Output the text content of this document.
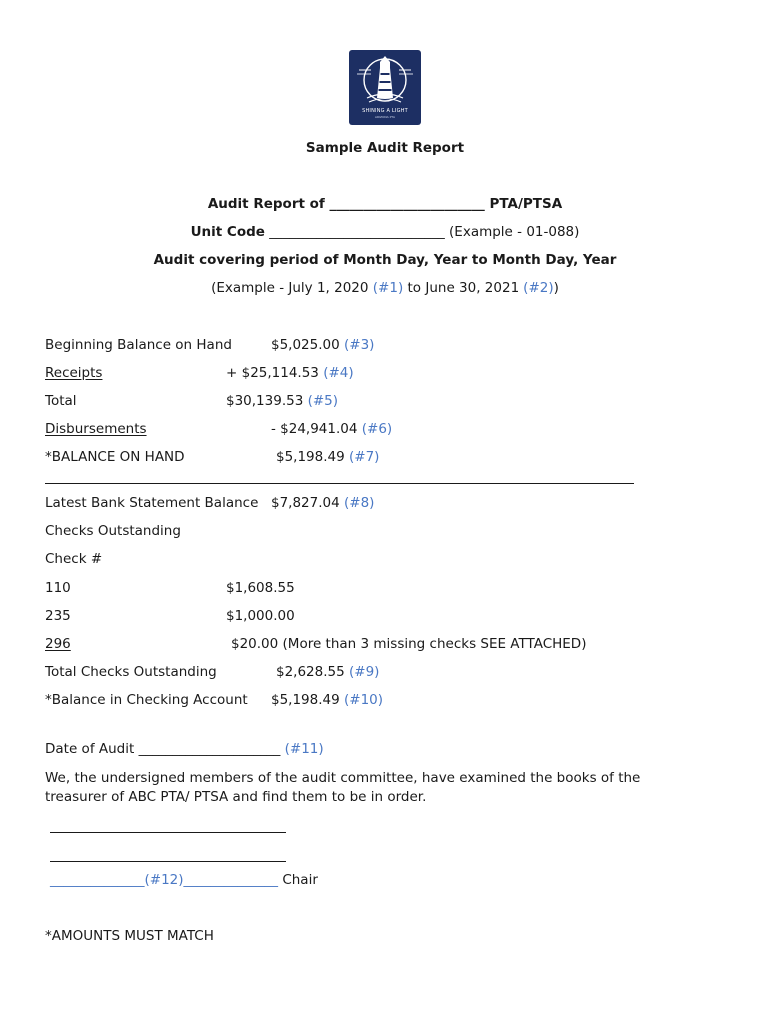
SHINING A LIGHT
ARIZONA PTA
Sample Audit Report
Audit Report of _______________________ PTA/PTSA
Unit Code __________________________ (Example - 01-088)
Audit covering period of Month Day, Year to Month Day, Year
(Example - July 1, 2020 (#1) to June 30, 2021 (#2))
Beginning Balance on Hand	$5,025.00 (#3)
Receipts	+ $25,114.53 (#4)
Total	$30,139.53 (#5)
Disbursements	- $24,941.04 (#6)
*BALANCE ON HAND	$5,198.49 (#7)
Latest Bank Statement Balance $7,827.04 (#8)
Checks Outstanding
Check #
110	$1,608.55
235	$1,000.00
296	$20.00 (More than 3 missing checks SEE ATTACHED)
Total Checks Outstanding	$2,628.55 (#9)
*Balance in Checking Account $5,198.49 (#10)
Date of Audit _____________________ (#11)
We, the undersigned members of the audit committee, have examined the books of the treasurer of ABC PTA/ PTSA and find them to be in order.
______________(#12)______________ Chair
*AMOUNTS MUST MATCH
